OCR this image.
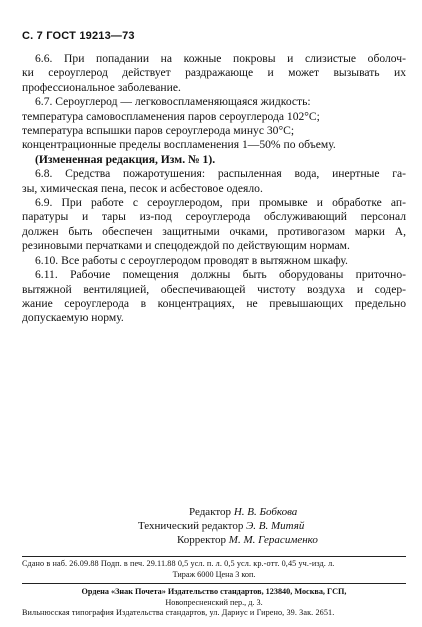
С. 7 ГОСТ 19213—73
6.6. При попадании на кожные покровы и слизистые оболоч-
ки сероуглерод действует раздражающе и может вызывать их
профессиональное заболевание.
6.7. Сероуглерод — легковоспламеняющаяся жидкость:
температура самовоспламенения паров сероуглерода 102°С;
температура вспышки паров сероуглерода минус 30°С;
концентрационные пределы воспламенения 1—50% по объему.
(Измененная редакция, Изм. № 1).
6.8. Средства пожаротушения: распыленная вода, инертные га-
зы, химическая пена, песок и асбестовое одеяло.
6.9. При работе с сероуглеродом, при промывке и обработке ап-
паратуры и тары из-под сероуглерода обслуживающий персонал
должен быть обеспечен защитными очками, противогазом марки А,
резиновыми перчатками и спецодеждой по действующим нормам.
6.10. Все работы с сероуглеродом проводят в вытяжном шкафу.
6.11. Рабочие помещения должны быть оборудованы приточно-
вытяжной вентиляцией, обеспечивающей чистоту воздуха и содер-
жание сероуглерода в концентрациях, не превышающих предельно
допускаемую норму.
Редактор Н. В. Бобкова
Технический редактор Э. В. Митяй
Корректор М. М. Герасименко
Сдано в наб. 26.09.88 Подп. в печ. 29.11.88 0,5 усл. п. л. 0,5 усл. кр.-отт. 0,45 уч.-изд. л.
Тираж 6000 Цена 3 коп.
Ордена «Знак Почета» Издательство стандартов, 123840, Москва, ГСП,
Новопресненский пер., д. 3.
Вильнюсская типография Издательства стандартов, ул. Дариус и Гирено, 39. Зак. 2651.
